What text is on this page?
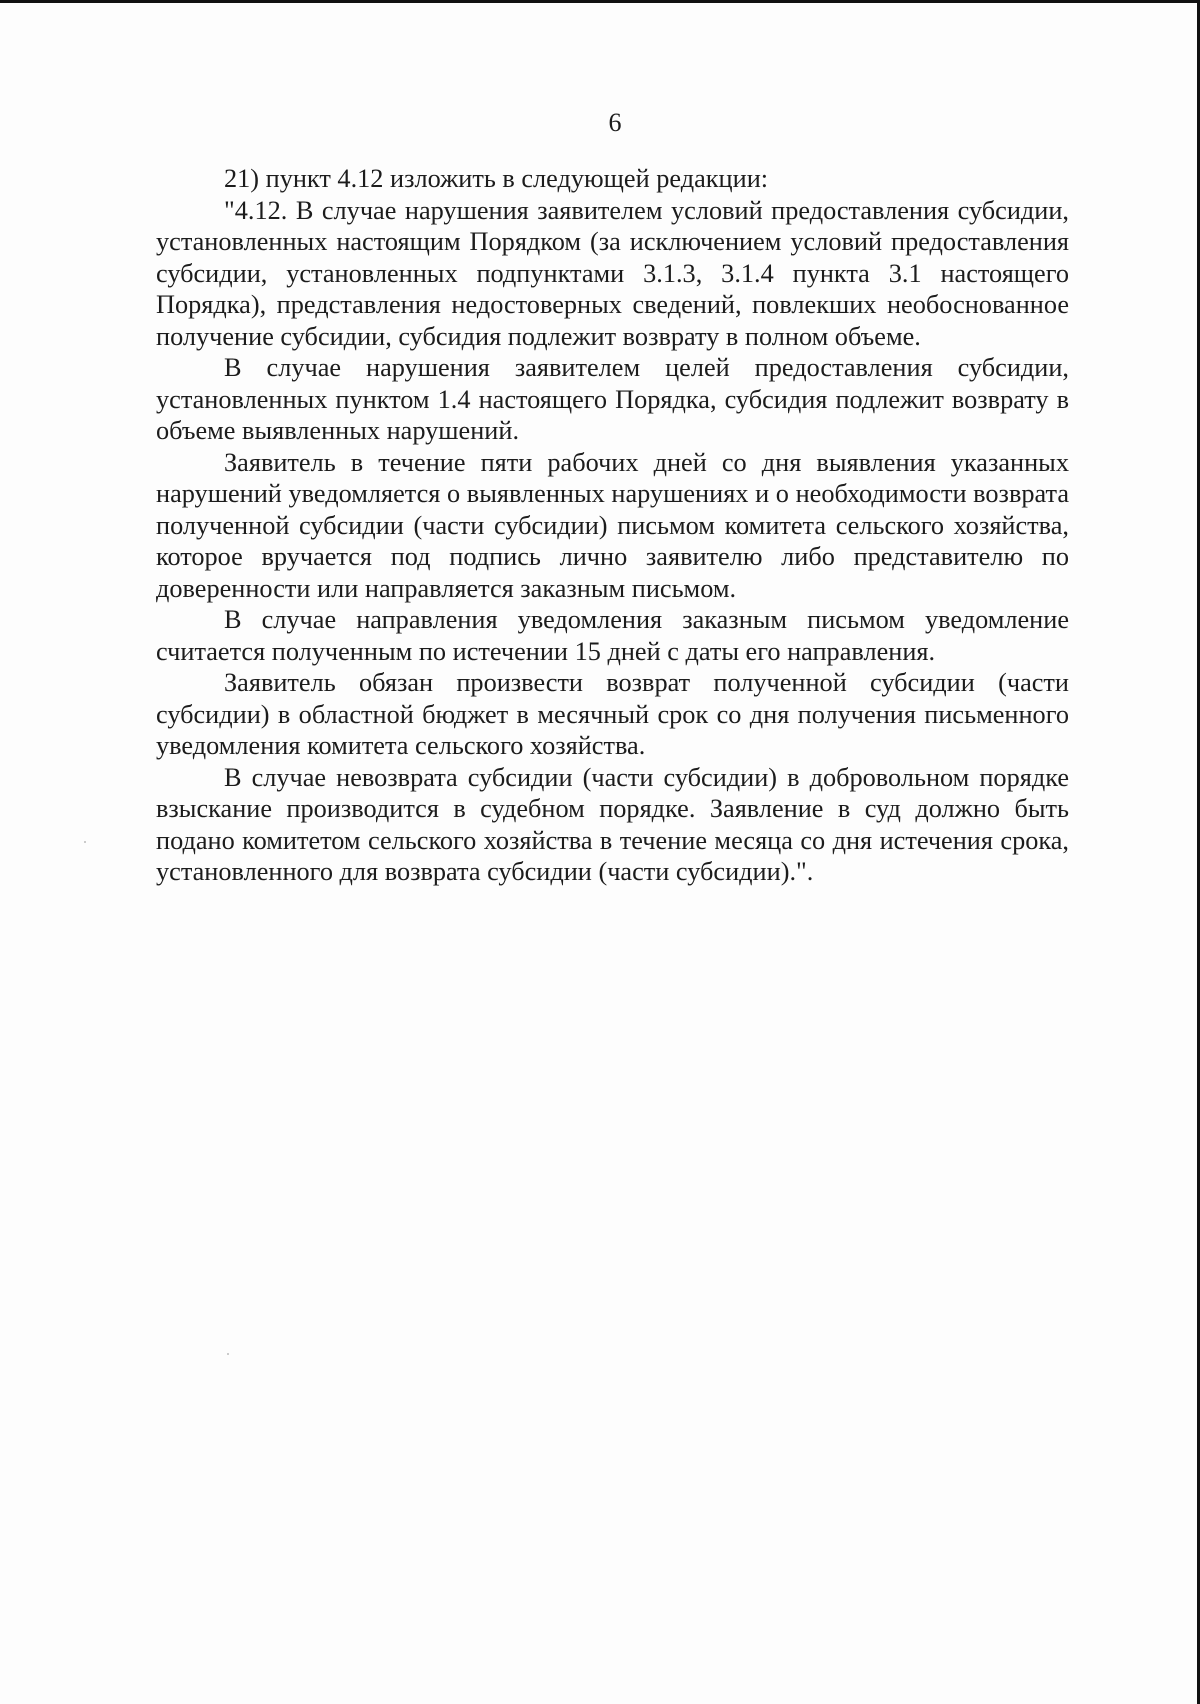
6

21) пункт 4.12 изложить в следующей редакции:

"4.12. В случае нарушения заявителем условий предоставления субсидии, установленных настоящим Порядком (за исключением условий предоставления субсидии, установленных подпунктами 3.1.3, 3.1.4 пункта 3.1 настоящего Порядка), представления недостоверных сведений, повлекших необоснованное получение субсидии, субсидия подлежит возврату в полном объеме.

В случае нарушения заявителем целей предоставления субсидии, установленных пунктом 1.4 настоящего Порядка, субсидия подлежит возврату в объеме выявленных нарушений.

Заявитель в течение пяти рабочих дней со дня выявления указанных нарушений уведомляется о выявленных нарушениях и о необходимости возврата полученной субсидии (части субсидии) письмом комитета сельского хозяйства, которое вручается под подпись лично заявителю либо представителю по доверенности или направляется заказным письмом.

В случае направления уведомления заказным письмом уведомление считается полученным по истечении 15 дней с даты его направления.

Заявитель обязан произвести возврат полученной субсидии (части субсидии) в областной бюджет в месячный срок со дня получения письменного уведомления комитета сельского хозяйства.

В случае невозврата субсидии (части субсидии) в добровольном порядке взыскание производится в судебном порядке. Заявление в суд должно быть подано комитетом сельского хозяйства в течение месяца со дня истечения срока, установленного для возврата субсидии (части субсидии).".
